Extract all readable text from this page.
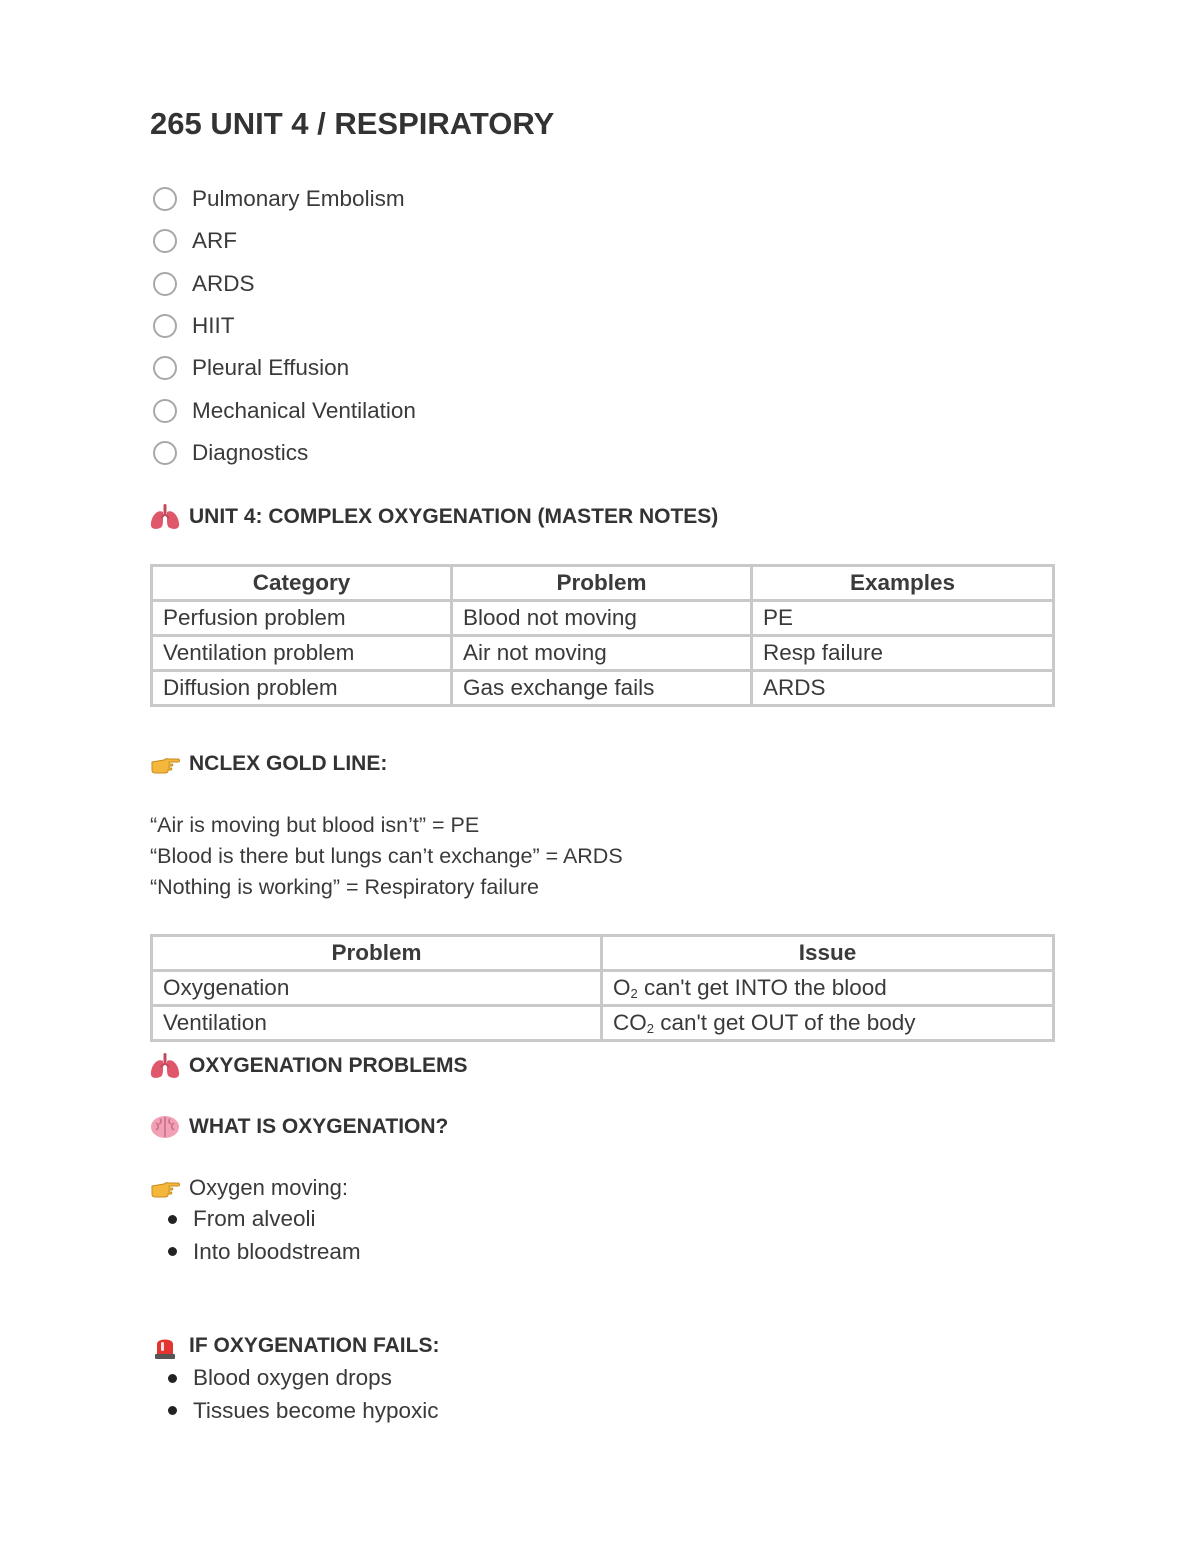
265 UNIT 4 / RESPIRATORY
Pulmonary Embolism
ARF
ARDS
HIIT
Pleural Effusion
Mechanical Ventilation
Diagnostics
UNIT 4: COMPLEX OXYGENATION (MASTER NOTES)
Category	Problem	Examples
Perfusion problem	Blood not moving	PE
Ventilation problem	Air not moving	Resp failure
Diffusion problem	Gas exchange fails	ARDS
NCLEX GOLD LINE:
“Air is moving but blood isn’t” = PE
“Blood is there but lungs can’t exchange” = ARDS
“Nothing is working” = Respiratory failure
Problem	Issue
Oxygenation	$O_2$ can't get INTO the blood
Ventilation	$CO_2$ can't get OUT of the body
OXYGENATION PROBLEMS
WHAT IS OXYGENATION?
Oxygen moving:
From alveoli
Into bloodstream
IF OXYGENATION FAILS:
Blood oxygen drops
Tissues become hypoxic
